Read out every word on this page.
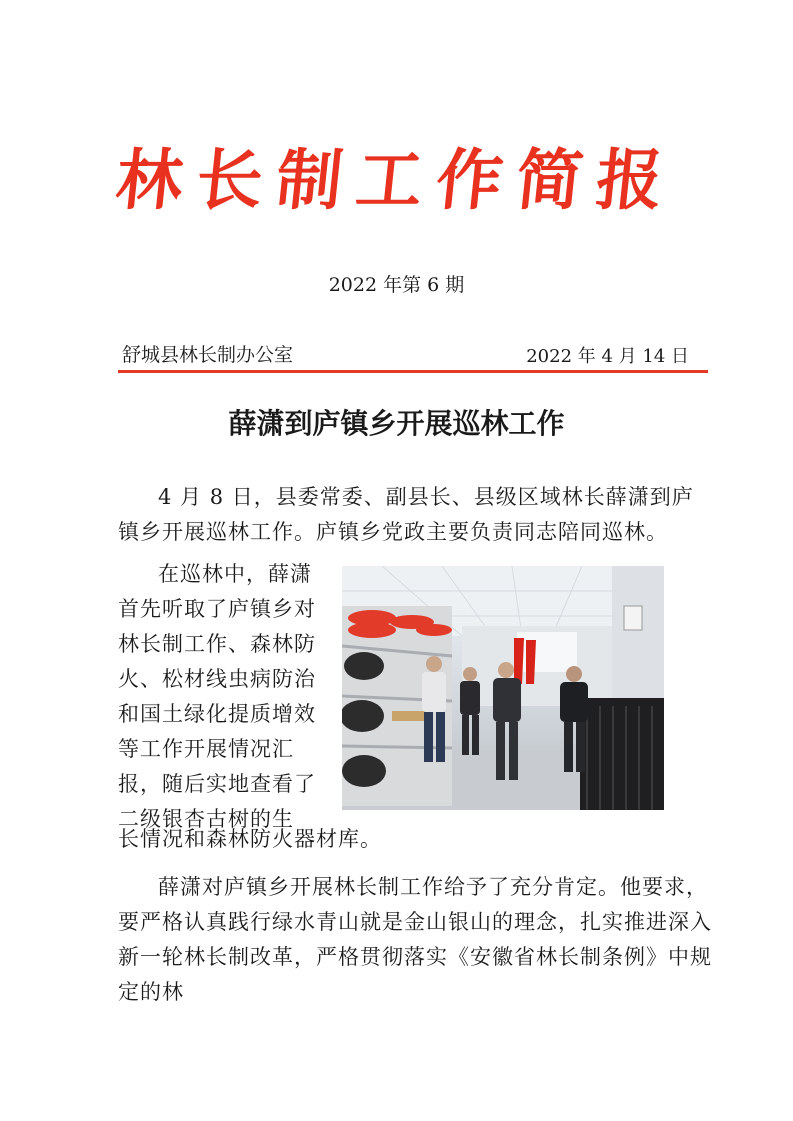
林长制工作简报
2022 年第 6 期
舒城县林长制办公室	2022 年 4 月 14 日
薛潇到庐镇乡开展巡林工作
4 月 8 日，县委常委、副县长、县级区域林长薛潇到庐镇乡开展巡林工作。庐镇乡党政主要负责同志陪同巡林。
在巡林中，薛潇首先听取了庐镇乡对林长制工作、森林防火、松材线虫病防治和国土绿化提质增效等工作开展情况汇报，随后实地查看了二级银杏古树的生
长情况和森林防火器材库。
薛潇对庐镇乡开展林长制工作给予了充分肯定。他要求，要严格认真践行绿水青山就是金山银山的理念，扎实推进深入新一轮林长制改革，严格贯彻落实《安徽省林长制条例》中规定的林
